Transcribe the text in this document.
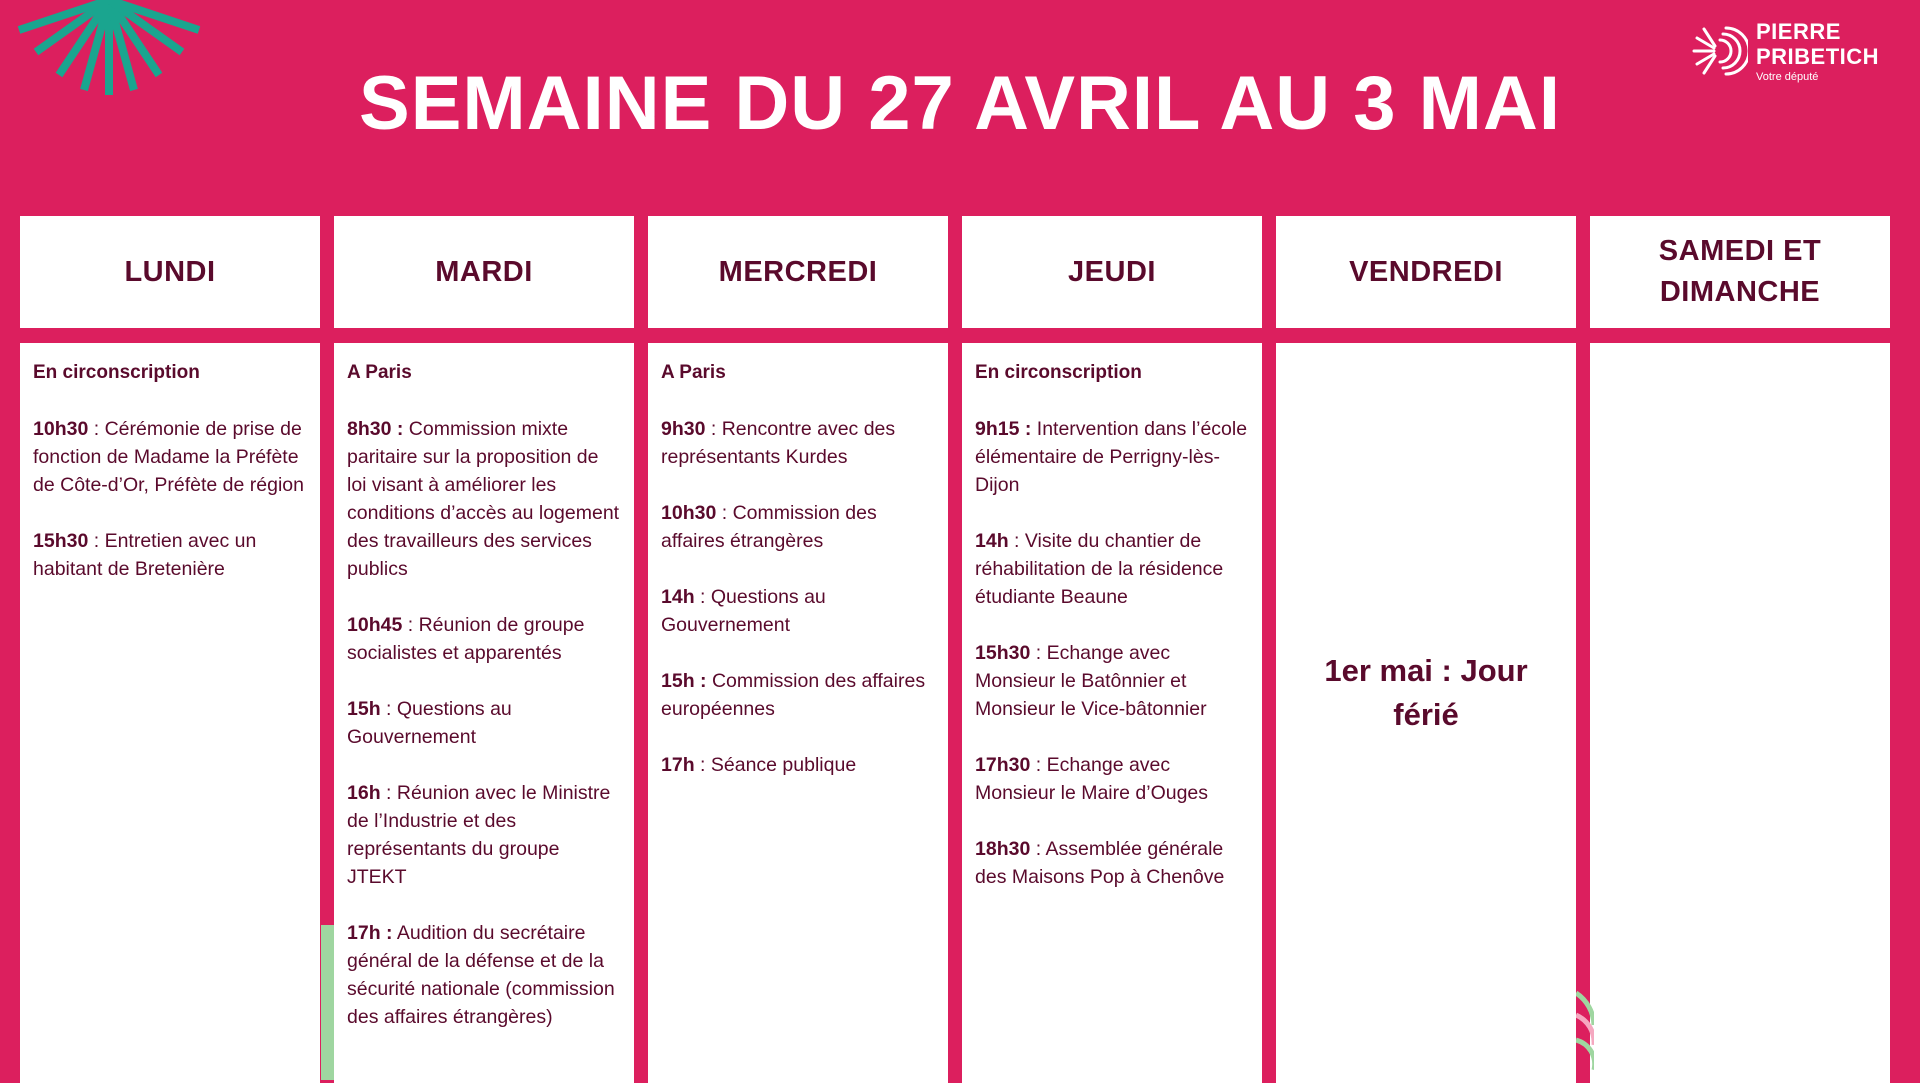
SEMAINE DU 27 AVRIL AU 3 MAI
PIERRE
PRIBETICH
Votre député
LUNDI
En circonscription
10h30 : Cérémonie de prise de fonction de Madame la Préfète de Côte-d’Or, Préfète de région
15h30 : Entretien avec un habitant de Bretenière
MARDI
A Paris
8h30 : Commission mixte paritaire sur la proposition de loi visant à améliorer les conditions d’accès au logement des travailleurs des services publics
10h45 : Réunion de groupe socialistes et apparentés
15h : Questions au Gouvernement
16h : Réunion avec le Ministre de l’Industrie et des représentants du groupe JTEKT
17h : Audition du secrétaire général de la défense et de la sécurité nationale (commission des affaires étrangères)
MERCREDI
A Paris
9h30 : Rencontre avec des représentants Kurdes
10h30 : Commission des affaires étrangères
14h : Questions au Gouvernement
15h : Commission des affaires européennes
17h : Séance publique
JEUDI
En circonscription
9h15 : Intervention dans l’école élémentaire de Perrigny-lès-Dijon
14h : Visite du chantier de réhabilitation de la résidence étudiante Beaune
15h30 : Echange avec Monsieur le Batônnier et Monsieur le Vice-bâtonnier
17h30 : Echange avec Monsieur le Maire d’Ouges
18h30 : Assemblée générale des Maisons Pop à Chenôve
VENDREDI
1er mai : Jour
férié
SAMEDI ET
DIMANCHE
